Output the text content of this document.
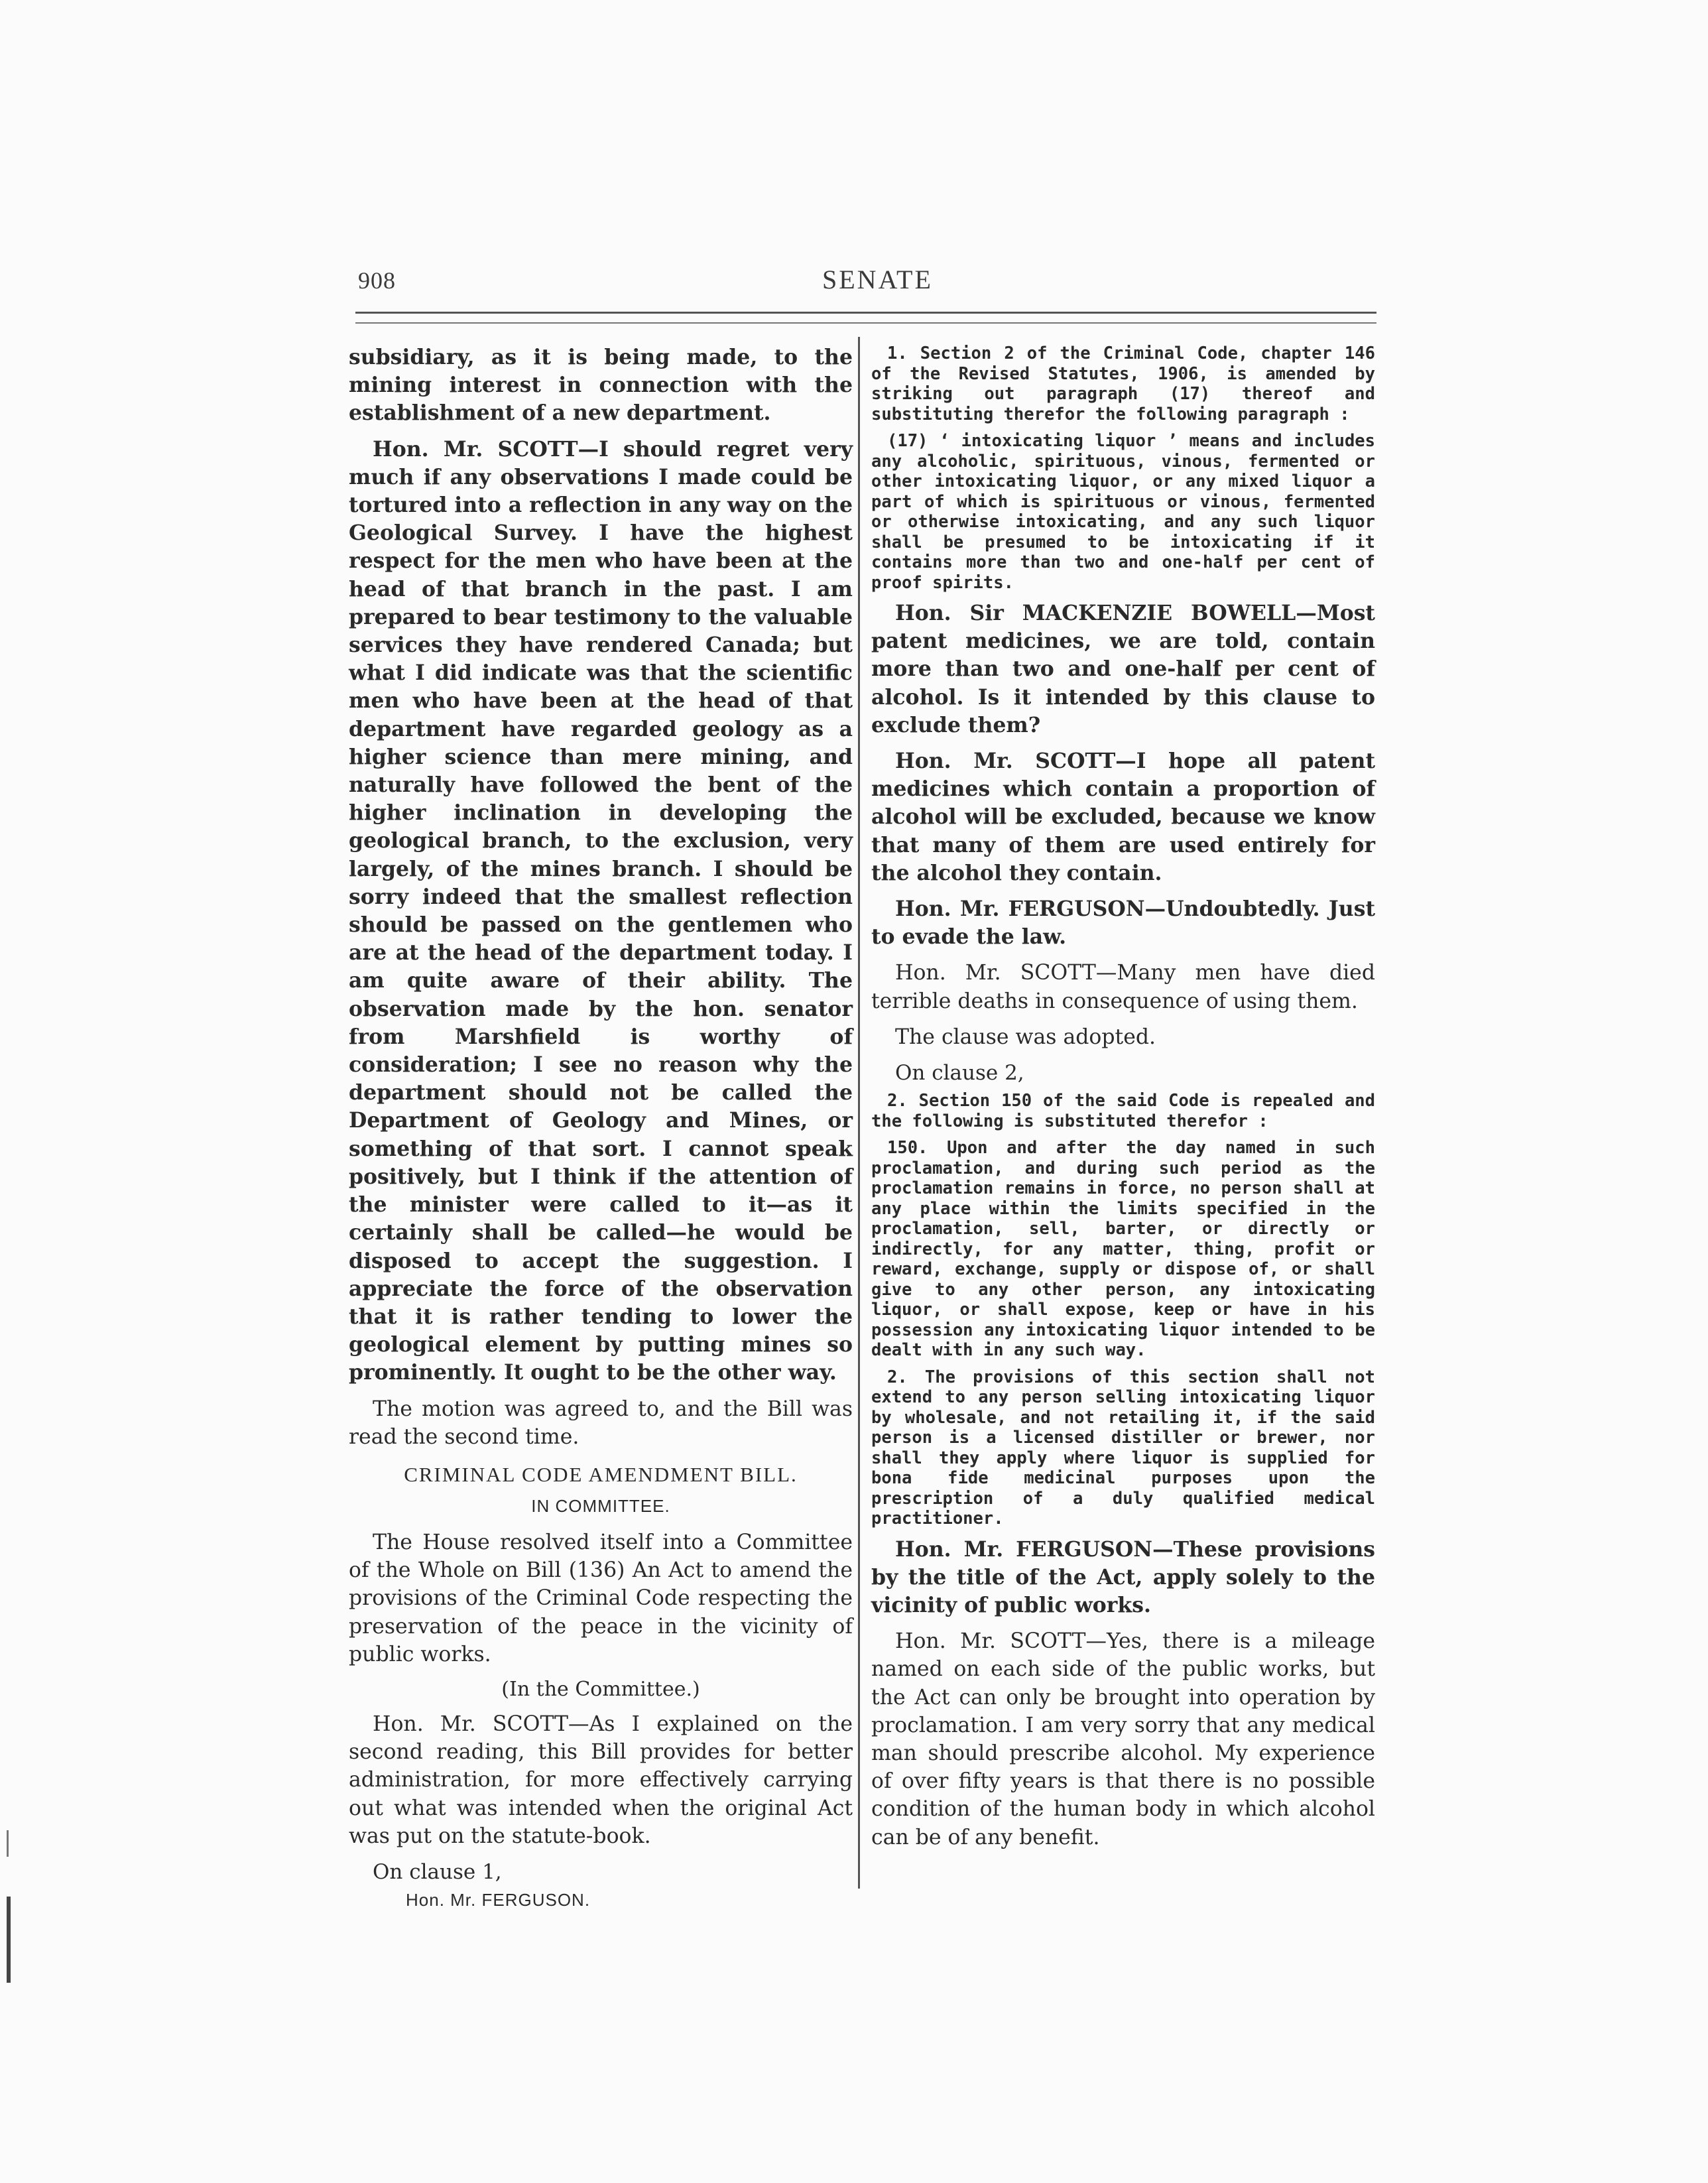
908	SENATE

subsidiary, as it is being made, to the mining interest in connection with the establishment of a new department.

Hon. Mr. SCOTT—I should regret very much if any observations I made could be tortured into a reflection in any way on the Geological Survey. I have the highest respect for the men who have been at the head of that branch in the past. I am prepared to bear testimony to the valuable services they have rendered Canada; but what I did indicate was that the scientific men who have been at the head of that department have regarded geology as a higher science than mere mining, and naturally have followed the bent of the higher inclination in developing the geological branch, to the exclusion, very largely, of the mines branch. I should be sorry indeed that the smallest reflection should be passed on the gentlemen who are at the head of the department today. I am quite aware of their ability. The observation made by the hon. senator from Marshfield is worthy of consideration; I see no reason why the department should not be called the Department of Geology and Mines, or something of that sort. I cannot speak positively, but I think if the attention of the minister were called to it—as it certainly shall be called—he would be disposed to accept the suggestion. I appreciate the force of the observation that it is rather tending to lower the geological element by putting mines so prominently. It ought to be the other way.

The motion was agreed to, and the Bill was read the second time.

CRIMINAL CODE AMENDMENT BILL.
IN COMMITTEE.

The House resolved itself into a Committee of the Whole on Bill (136) An Act to amend the provisions of the Criminal Code respecting the preservation of the peace in the vicinity of public works.

(In the Committee.)

Hon. Mr. SCOTT—As I explained on the second reading, this Bill provides for better administration, for more effectively carrying out what was intended when the original Act was put on the statute-book.

On clause 1,
Hon. Mr. FERGUSON.

1. Section 2 of the Criminal Code, chapter 146 of the Revised Statutes, 1906, is amended by striking out paragraph (17) thereof and substituting therefor the following paragraph :

(17) ‘ intoxicating liquor ’ means and includes any alcoholic, spirituous, vinous, fermented or other intoxicating liquor, or any mixed liquor a part of which is spirituous or vinous, fermented or otherwise intoxicating, and any such liquor shall be presumed to be intoxicating if it contains more than two and one-half per cent of proof spirits.

Hon. Sir MACKENZIE BOWELL—Most patent medicines, we are told, contain more than two and one-half per cent of alcohol. Is it intended by this clause to exclude them?

Hon. Mr. SCOTT—I hope all patent medicines which contain a proportion of alcohol will be excluded, because we know that many of them are used entirely for the alcohol they contain.

Hon. Mr. FERGUSON—Undoubtedly. Just to evade the law.

Hon. Mr. SCOTT—Many men have died terrible deaths in consequence of using them.

The clause was adopted.

On clause 2,

2. Section 150 of the said Code is repealed and the following is substituted therefor :

150. Upon and after the day named in such proclamation, and during such period as the proclamation remains in force, no person shall at any place within the limits specified in the proclamation, sell, barter, or directly or indirectly, for any matter, thing, profit or reward, exchange, supply or dispose of, or shall give to any other person, any intoxicating liquor, or shall expose, keep or have in his possession any intoxicating liquor intended to be dealt with in any such way.

2. The provisions of this section shall not extend to any person selling intoxicating liquor by wholesale, and not retailing it, if the said person is a licensed distiller or brewer, nor shall they apply where liquor is supplied for bona fide medicinal purposes upon the prescription of a duly qualified medical practitioner.

Hon. Mr. FERGUSON—These provisions by the title of the Act, apply solely to the vicinity of public works.

Hon. Mr. SCOTT—Yes, there is a mileage named on each side of the public works, but the Act can only be brought into operation by proclamation. I am very sorry that any medical man should prescribe alcohol. My experience of over fifty years is that there is no possible condition of the human body in which alcohol can be of any benefit.
